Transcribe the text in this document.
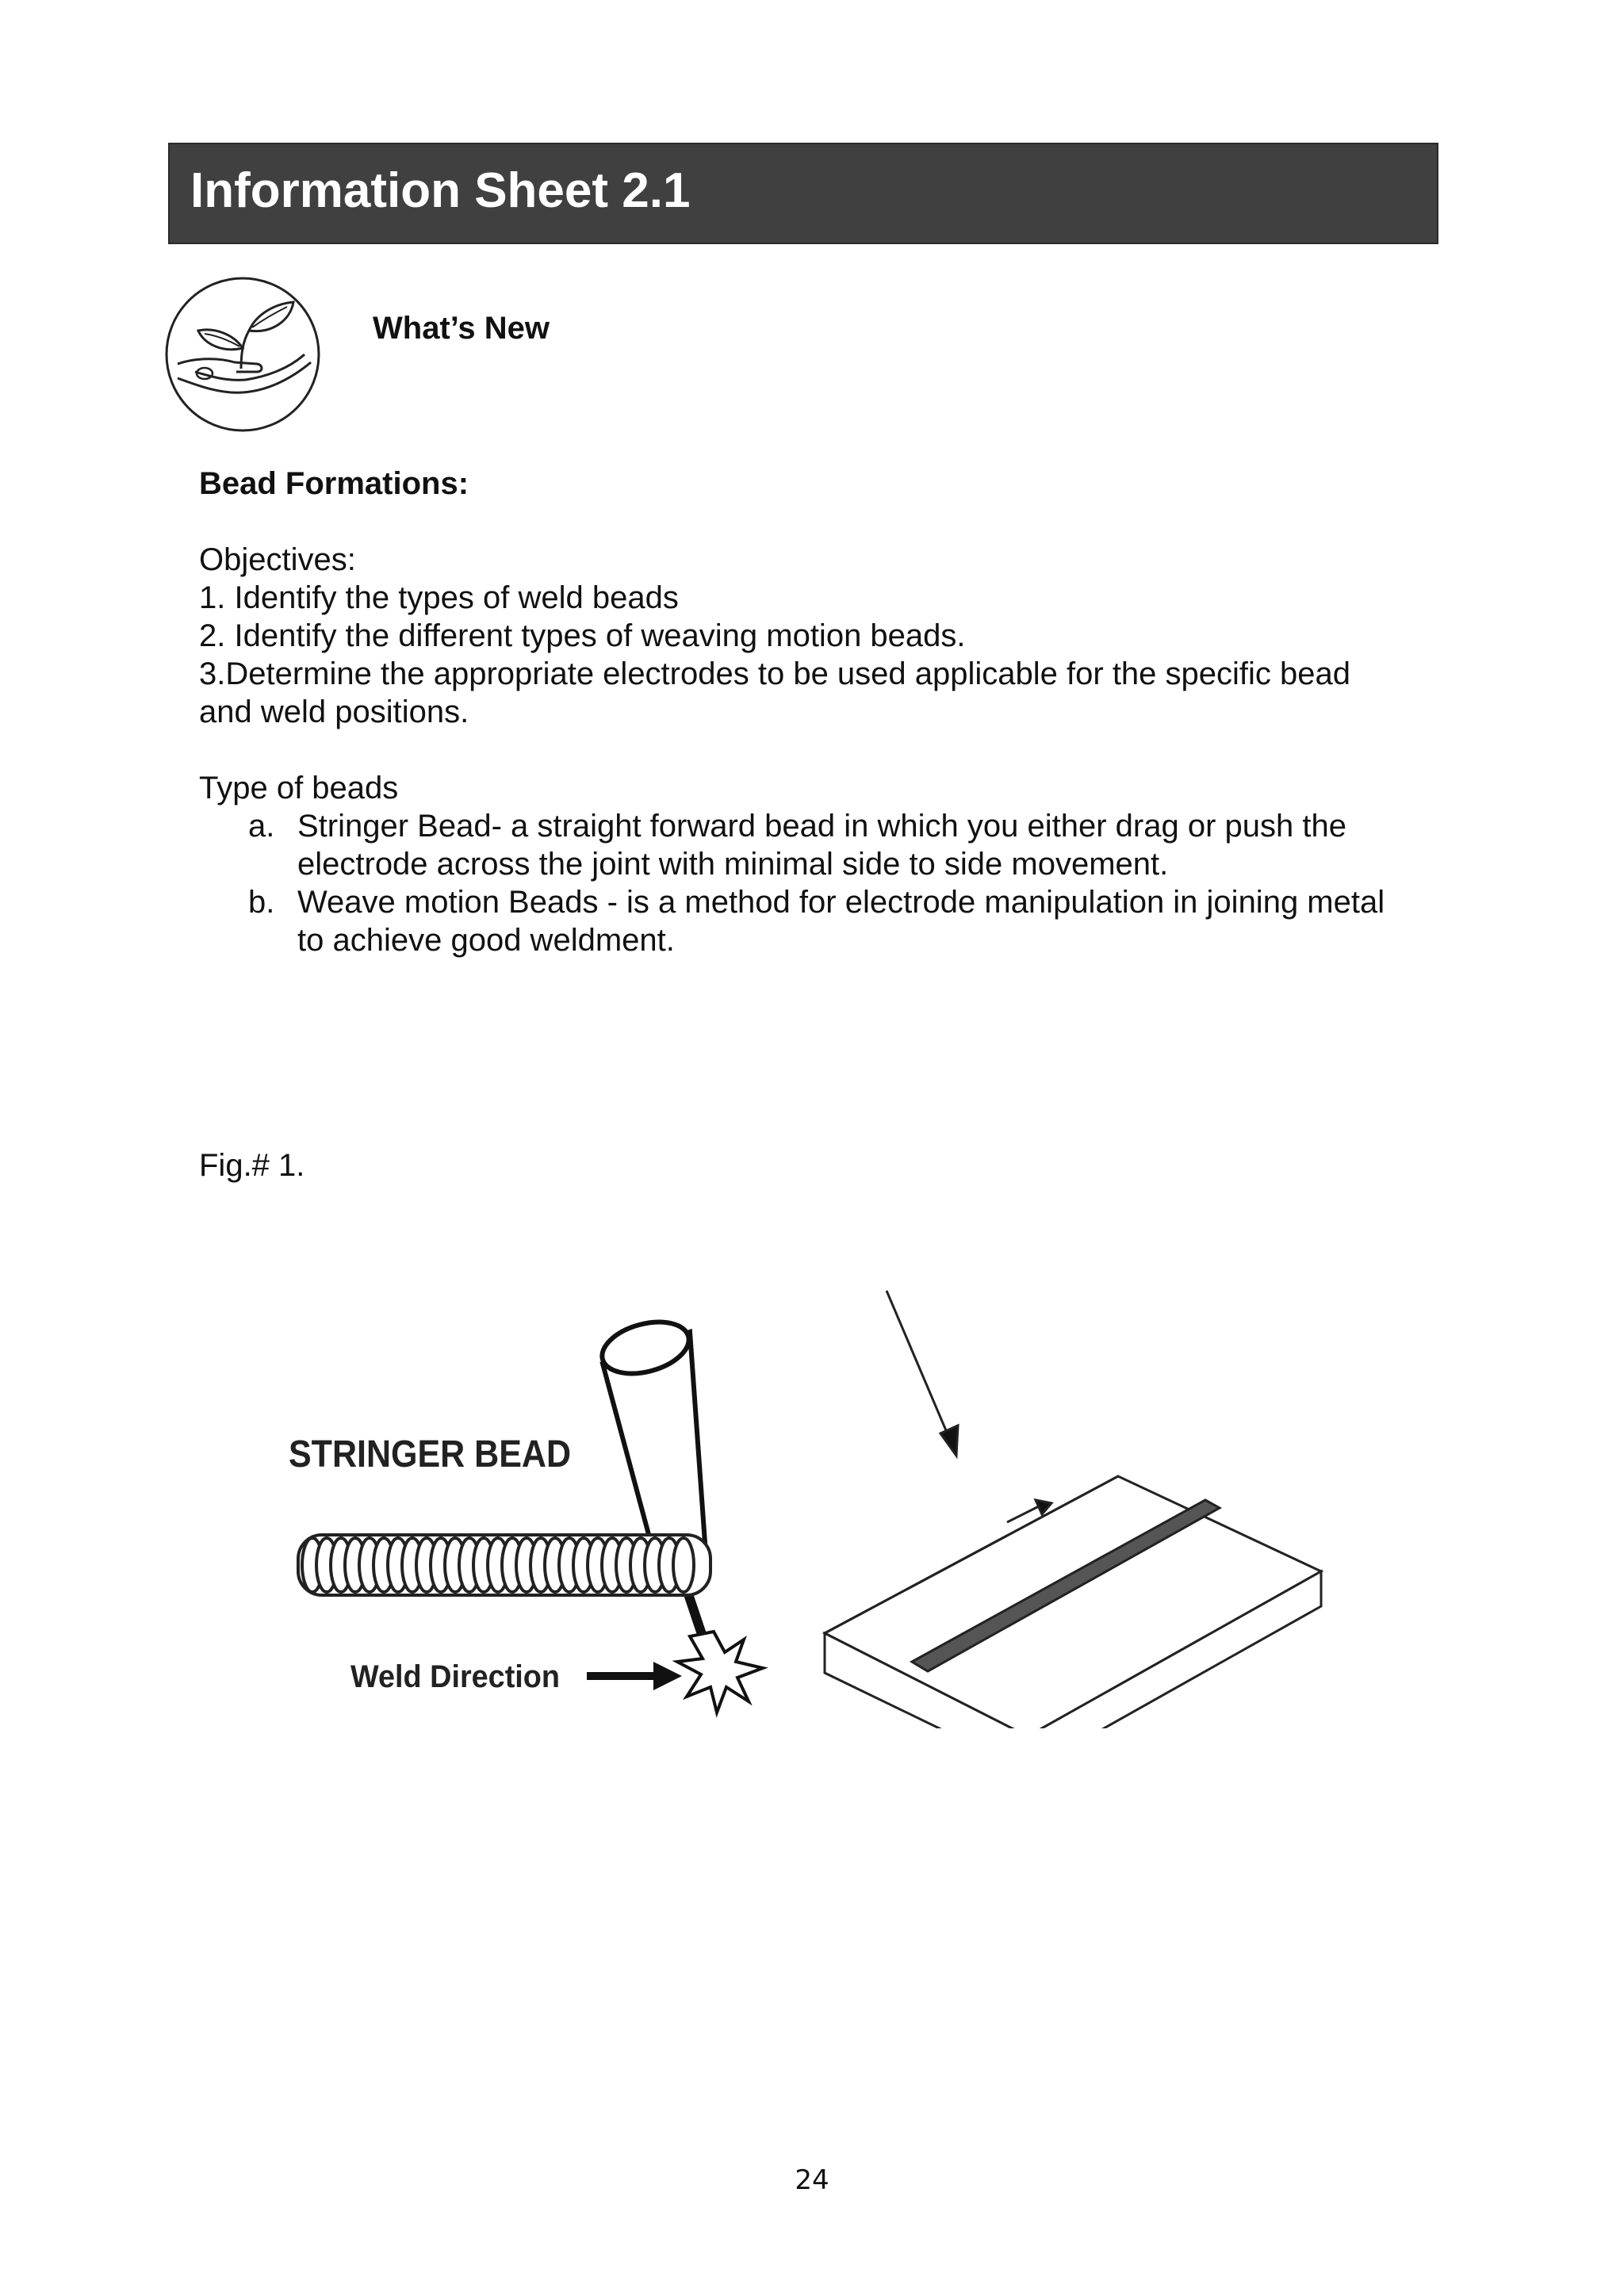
Information Sheet 2.1
What’s New
Bead Formations:
Objectives:
1. Identify the types of weld beads
2. Identify the different types of weaving motion beads.
3.Determine the appropriate electrodes to be used applicable for the specific bead
and weld positions.
Type of beads
a. Stringer Bead- a straight forward bead in which you either drag or push the
electrode across the joint with minimal side to side movement.
b. Weave motion Beads - is a method for electrode manipulation in joining metal
to achieve good weldment.
Fig.# 1.
STRINGER BEAD
Weld Direction
24
